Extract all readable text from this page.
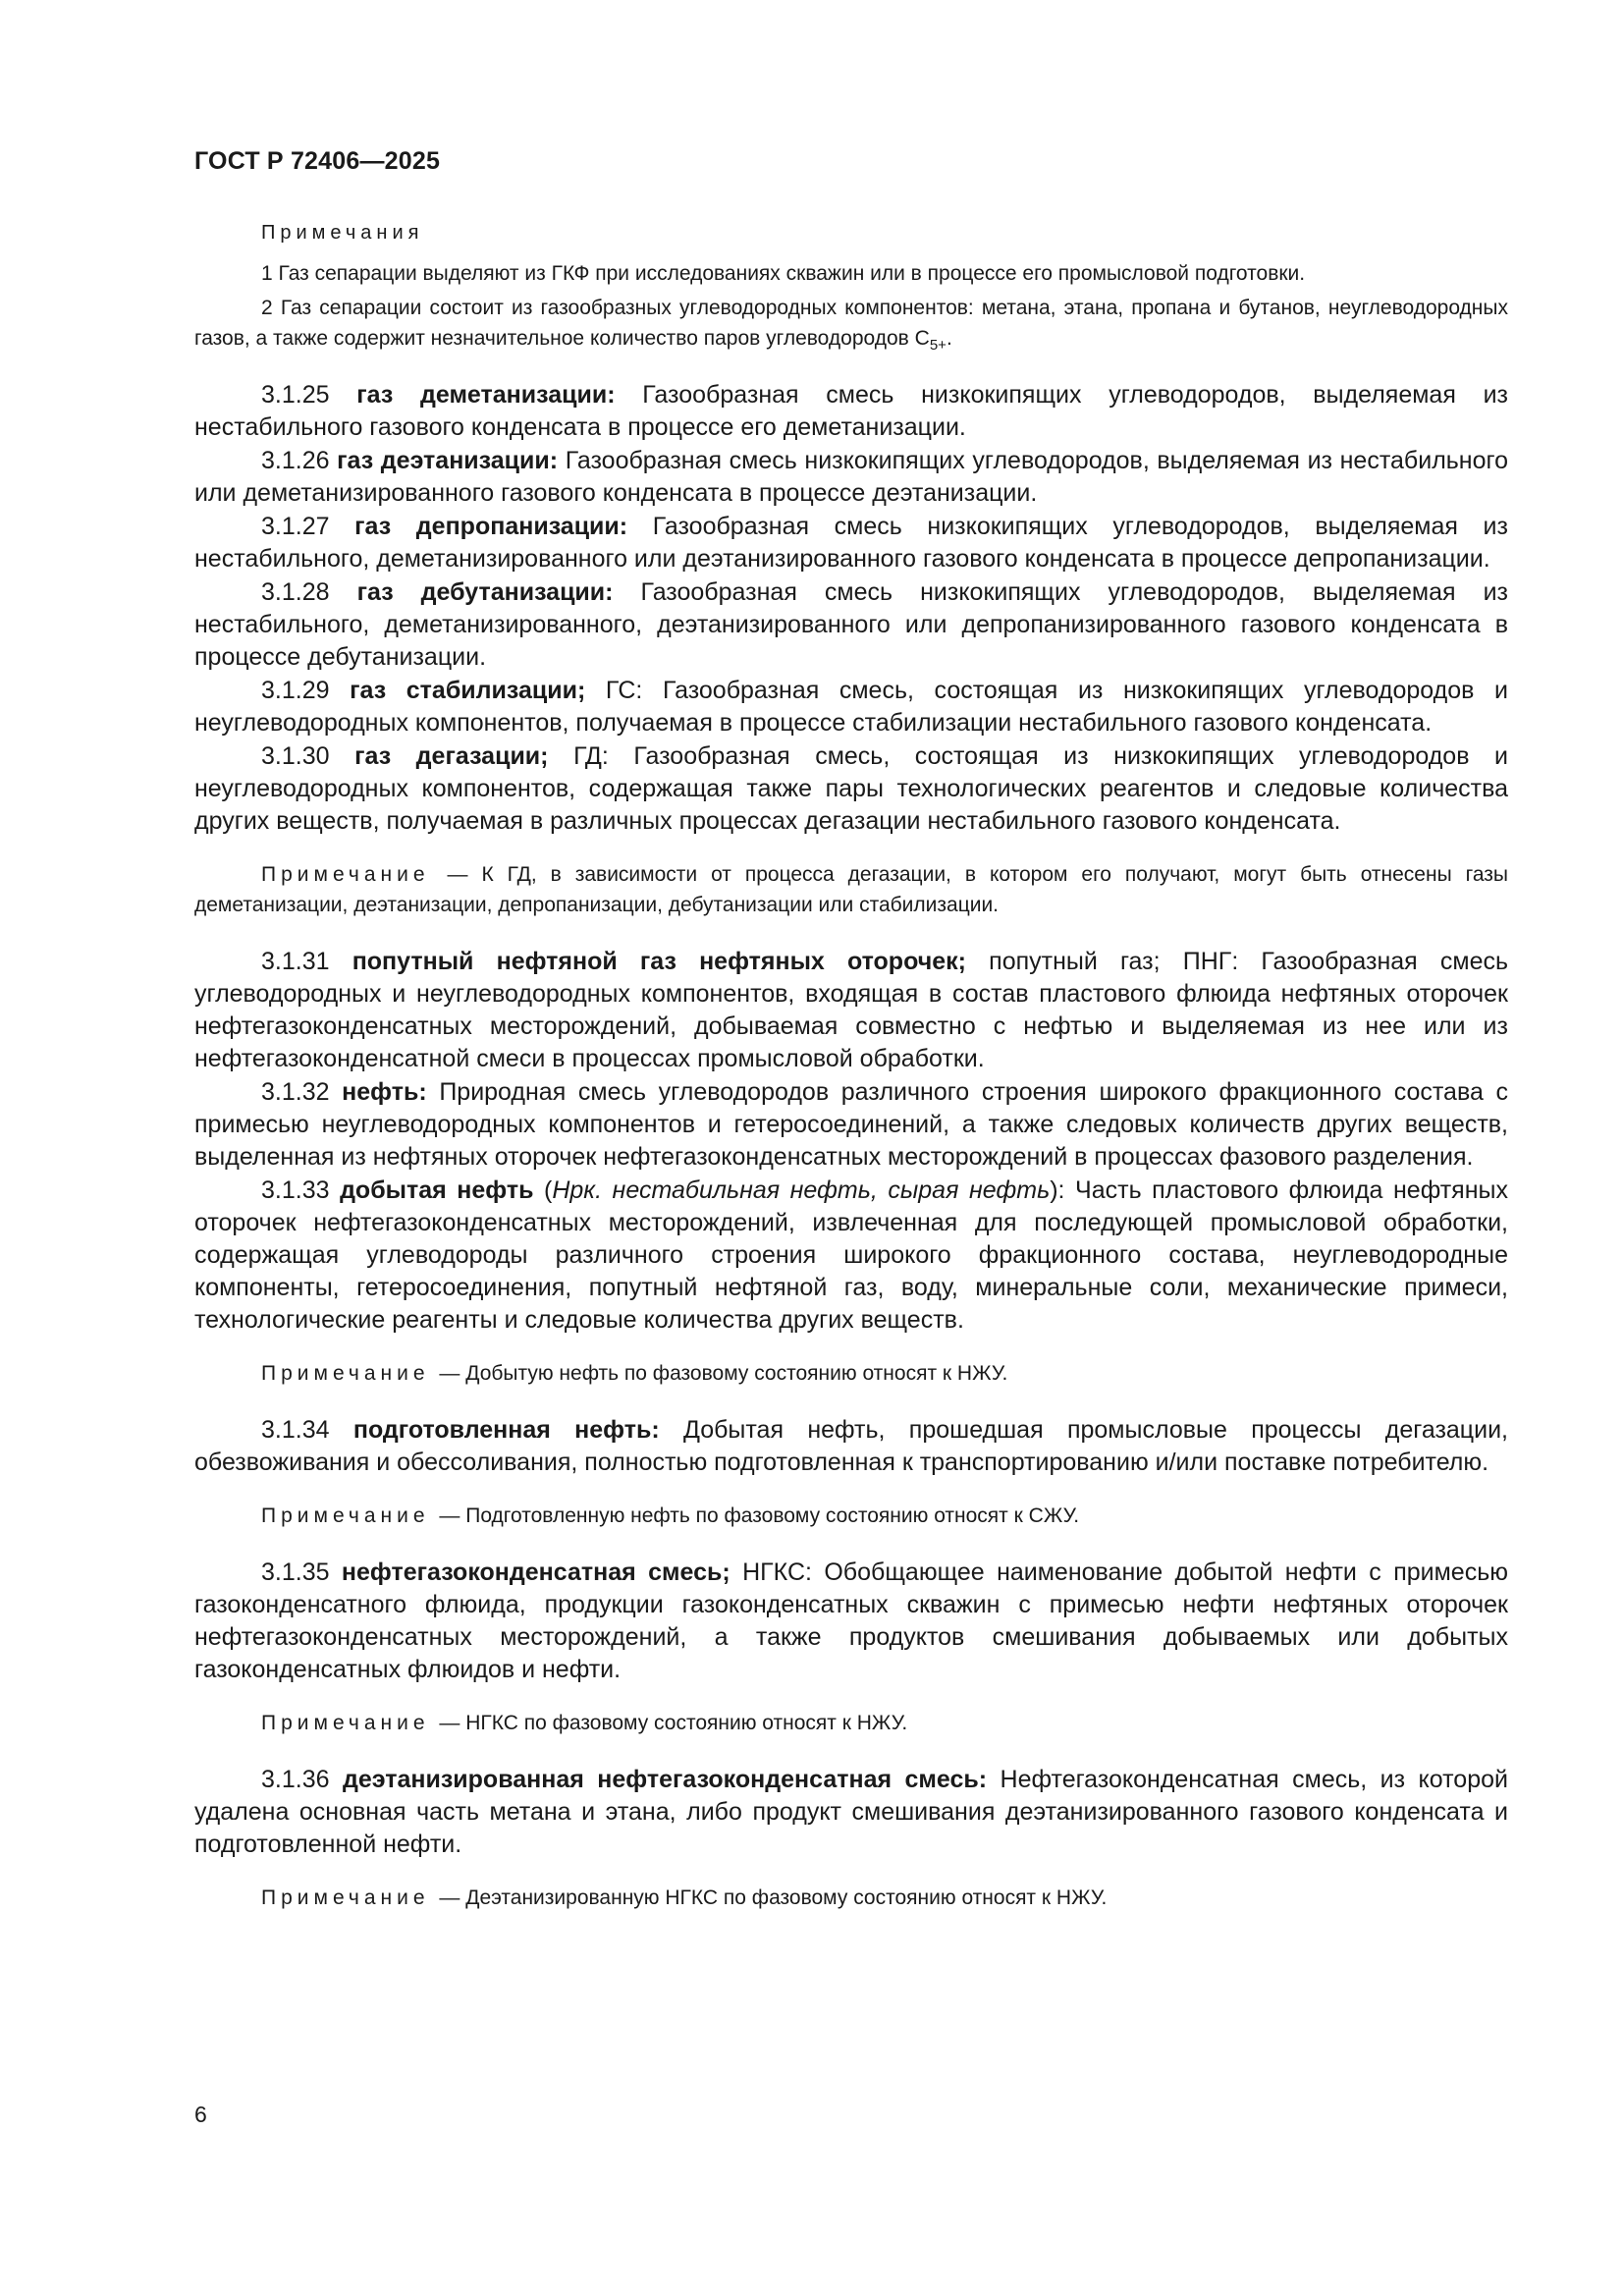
ГОСТ Р 72406—2025
Примечания

1 Газ сепарации выделяют из ГКФ при исследованиях скважин или в процессе его промысловой подготовки.

2 Газ сепарации состоит из газообразных углеводородных компонентов: метана, этана, пропана и бутанов, неуглеводородных газов, а также содержит незначительное количество паров углеводородов $С_{5+}$.

3.1.25 газ деметанизации: Газообразная смесь низкокипящих углеводородов, выделяемая из нестабильного газового конденсата в процессе его деметанизации.

3.1.26 газ деэтанизации: Газообразная смесь низкокипящих углеводородов, выделяемая из нестабильного или деметанизированного газового конденсата в процессе деэтанизации.

3.1.27 газ депропанизации: Газообразная смесь низкокипящих углеводородов, выделяемая из нестабильного, деметанизированного или деэтанизированного газового конденсата в процессе депропанизации.

3.1.28 газ дебутанизации: Газообразная смесь низкокипящих углеводородов, выделяемая из нестабильного, деметанизированного, деэтанизированного или депропанизированного газового конденсата в процессе дебутанизации.

3.1.29 газ стабилизации; ГС: Газообразная смесь, состоящая из низкокипящих углеводородов и неуглеводородных компонентов, получаемая в процессе стабилизации нестабильного газового конденсата.

3.1.30 газ дегазации; ГД: Газообразная смесь, состоящая из низкокипящих углеводородов и неуглеводородных компонентов, содержащая также пары технологических реагентов и следовые количества других веществ, получаемая в различных процессах дегазации нестабильного газового конденсата.

Примечание — К ГД, в зависимости от процесса дегазации, в котором его получают, могут быть отнесены газы деметанизации, деэтанизации, депропанизации, дебутанизации или стабилизации.

3.1.31 попутный нефтяной газ нефтяных оторочек; попутный газ; ПНГ: Газообразная смесь углеводородных и неуглеводородных компонентов, входящая в состав пластового флюида нефтяных оторочек нефтегазоконденсатных месторождений, добываемая совместно с нефтью и выделяемая из нее или из нефтегазоконденсатной смеси в процессах промысловой обработки.

3.1.32 нефть: Природная смесь углеводородов различного строения широкого фракционного состава с примесью неуглеводородных компонентов и гетеросоединений, а также следовых количеств других веществ, выделенная из нефтяных оторочек нефтегазоконденсатных месторождений в процессах фазового разделения.

3.1.33 добытая нефть (Нрк. нестабильная нефть, сырая нефть): Часть пластового флюида нефтяных оторочек нефтегазоконденсатных месторождений, извлеченная для последующей промысловой обработки, содержащая углеводороды различного строения широкого фракционного состава, неуглеводородные компоненты, гетеросоединения, попутный нефтяной газ, воду, минеральные соли, механические примеси, технологические реагенты и следовые количества других веществ.

Примечание — Добытую нефть по фазовому состоянию относят к НЖУ.

3.1.34 подготовленная нефть: Добытая нефть, прошедшая промысловые процессы дегазации, обезвоживания и обессоливания, полностью подготовленная к транспортированию и/или поставке потребителю.

Примечание — Подготовленную нефть по фазовому состоянию относят к СЖУ.

3.1.35 нефтегазоконденсатная смесь; НГКС: Обобщающее наименование добытой нефти с примесью газоконденсатного флюида, продукции газоконденсатных скважин с примесью нефти нефтяных оторочек нефтегазоконденсатных месторождений, а также продуктов смешивания добываемых или добытых газоконденсатных флюидов и нефти.

Примечание — НГКС по фазовому состоянию относят к НЖУ.

3.1.36 деэтанизированная нефтегазоконденсатная смесь: Нефтегазоконденсатная смесь, из которой удалена основная часть метана и этана, либо продукт смешивания деэтанизированного газового конденсата и подготовленной нефти.

Примечание — Деэтанизированную НГКС по фазовому состоянию относят к НЖУ.

6
